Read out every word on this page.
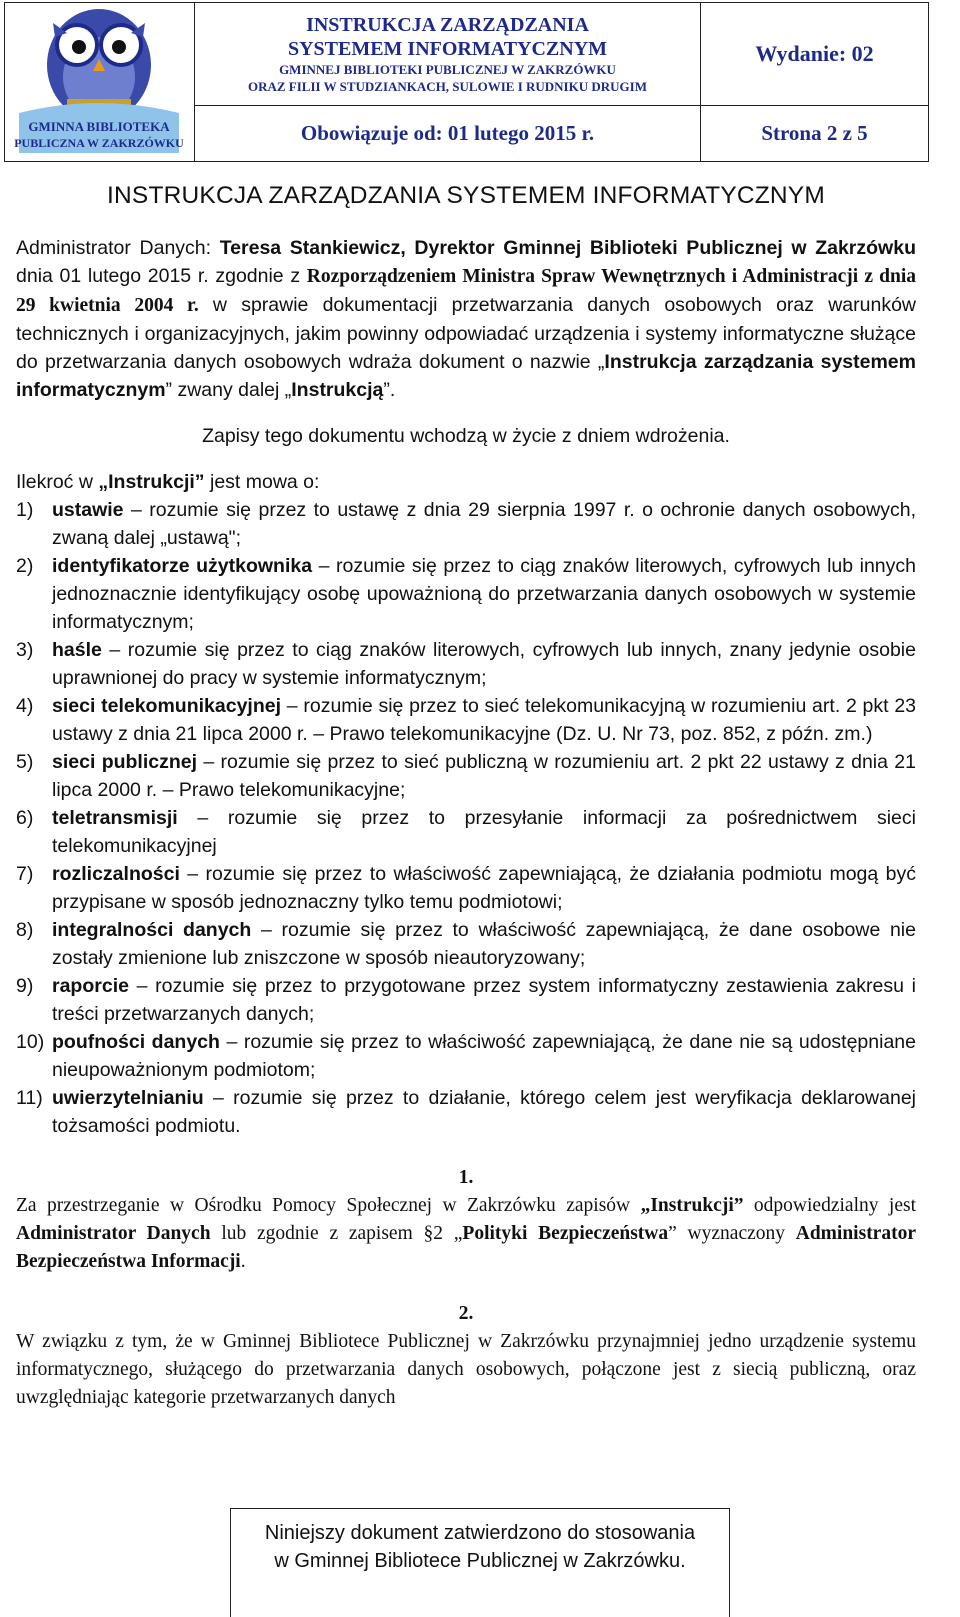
GMINNA BIBLIOTEKA
PUBLICZNA W ZAKRZÓWKU
INSTRUKCJA ZARZĄDZANIA
SYSTEMEM INFORMATYCZNYM
GMINNEJ BIBLIOTEKI PUBLICZNEJ W ZAKRZÓWKU
ORAZ FILII W STUDZIANKACH, SULOWIE I RUDNIKU DRUGIM
Wydanie: 02
Obowiązuje od: 01 lutego 2015 r.	Strona 2 z 5
INSTRUKCJA ZARZĄDZANIA SYSTEMEM INFORMATYCZNYM

Administrator Danych: Teresa Stankiewicz, Dyrektor Gminnej Biblioteki Publicznej w Zakrzówku dnia 01 lutego 2015 r. zgodnie z Rozporządzeniem Ministra Spraw Wewnętrznych i Administracji z dnia 29 kwietnia 2004 r. w sprawie dokumentacji przetwarzania danych osobowych oraz warunków technicznych i organizacyjnych, jakim powinny odpowiadać urządzenia i systemy informatyczne służące do przetwarzania danych osobowych wdraża dokument o nazwie „Instrukcja zarządzania systemem informatycznym” zwany dalej „Instrukcją”.

Zapisy tego dokumentu wchodzą w życie z dniem wdrożenia.

Ilekroć w „Instrukcji” jest mowa o:

1) ustawie – rozumie się przez to ustawę z dnia 29 sierpnia 1997 r. o ochronie danych osobowych, zwaną dalej „ustawą";
2) identyfikatorze użytkownika – rozumie się przez to ciąg znaków literowych, cyfrowych lub innych jednoznacznie identyfikujący osobę upoważnioną do przetwarzania danych osobowych w systemie informatycznym;
3) haśle – rozumie się przez to ciąg znaków literowych, cyfrowych lub innych, znany jedynie osobie uprawnionej do pracy w systemie informatycznym;
4) sieci telekomunikacyjnej – rozumie się przez to sieć telekomunikacyjną w rozumieniu art. 2 pkt 23 ustawy z dnia 21 lipca 2000 r. – Prawo telekomunikacyjne (Dz. U. Nr 73, poz. 852, z późn. zm.)
5) sieci publicznej – rozumie się przez to sieć publiczną w rozumieniu art. 2 pkt 22 ustawy z dnia 21 lipca 2000 r. – Prawo telekomunikacyjne;
6) teletransmisji – rozumie się przez to przesyłanie informacji za pośrednictwem sieci telekomunikacyjnej
7) rozliczalności – rozumie się przez to właściwość zapewniającą, że działania podmiotu mogą być przypisane w sposób jednoznaczny tylko temu podmiotowi;
8) integralności danych – rozumie się przez to właściwość zapewniającą, że dane osobowe nie zostały zmienione lub zniszczone w sposób nieautoryzowany;
9) raporcie – rozumie się przez to przygotowane przez system informatyczny zestawienia zakresu i treści przetwarzanych danych;
10) poufności danych – rozumie się przez to właściwość zapewniającą, że dane nie są udostępniane nieupoważnionym podmiotom;
11) uwierzytelnianiu – rozumie się przez to działanie, którego celem jest weryfikacja deklarowanej tożsamości podmiotu.
1.

Za przestrzeganie w Ośrodku Pomocy Społecznej w Zakrzówku zapisów „Instrukcji” odpowiedzialny jest Administrator Danych lub zgodnie z zapisem §2 „Polityki Bezpieczeństwa” wyznaczony Administrator Bezpieczeństwa Informacji.

2.

W związku z tym, że w Gminnej Bibliotece Publicznej w Zakrzówku przynajmniej jedno urządzenie systemu informatycznego, służącego do przetwarzania danych osobowych, połączone jest z siecią publiczną, oraz uwzględniając kategorie przetwarzanych danych

Niniejszy dokument zatwierdzono do stosowania
w Gminnej Bibliotece Publicznej w Zakrzówku.
